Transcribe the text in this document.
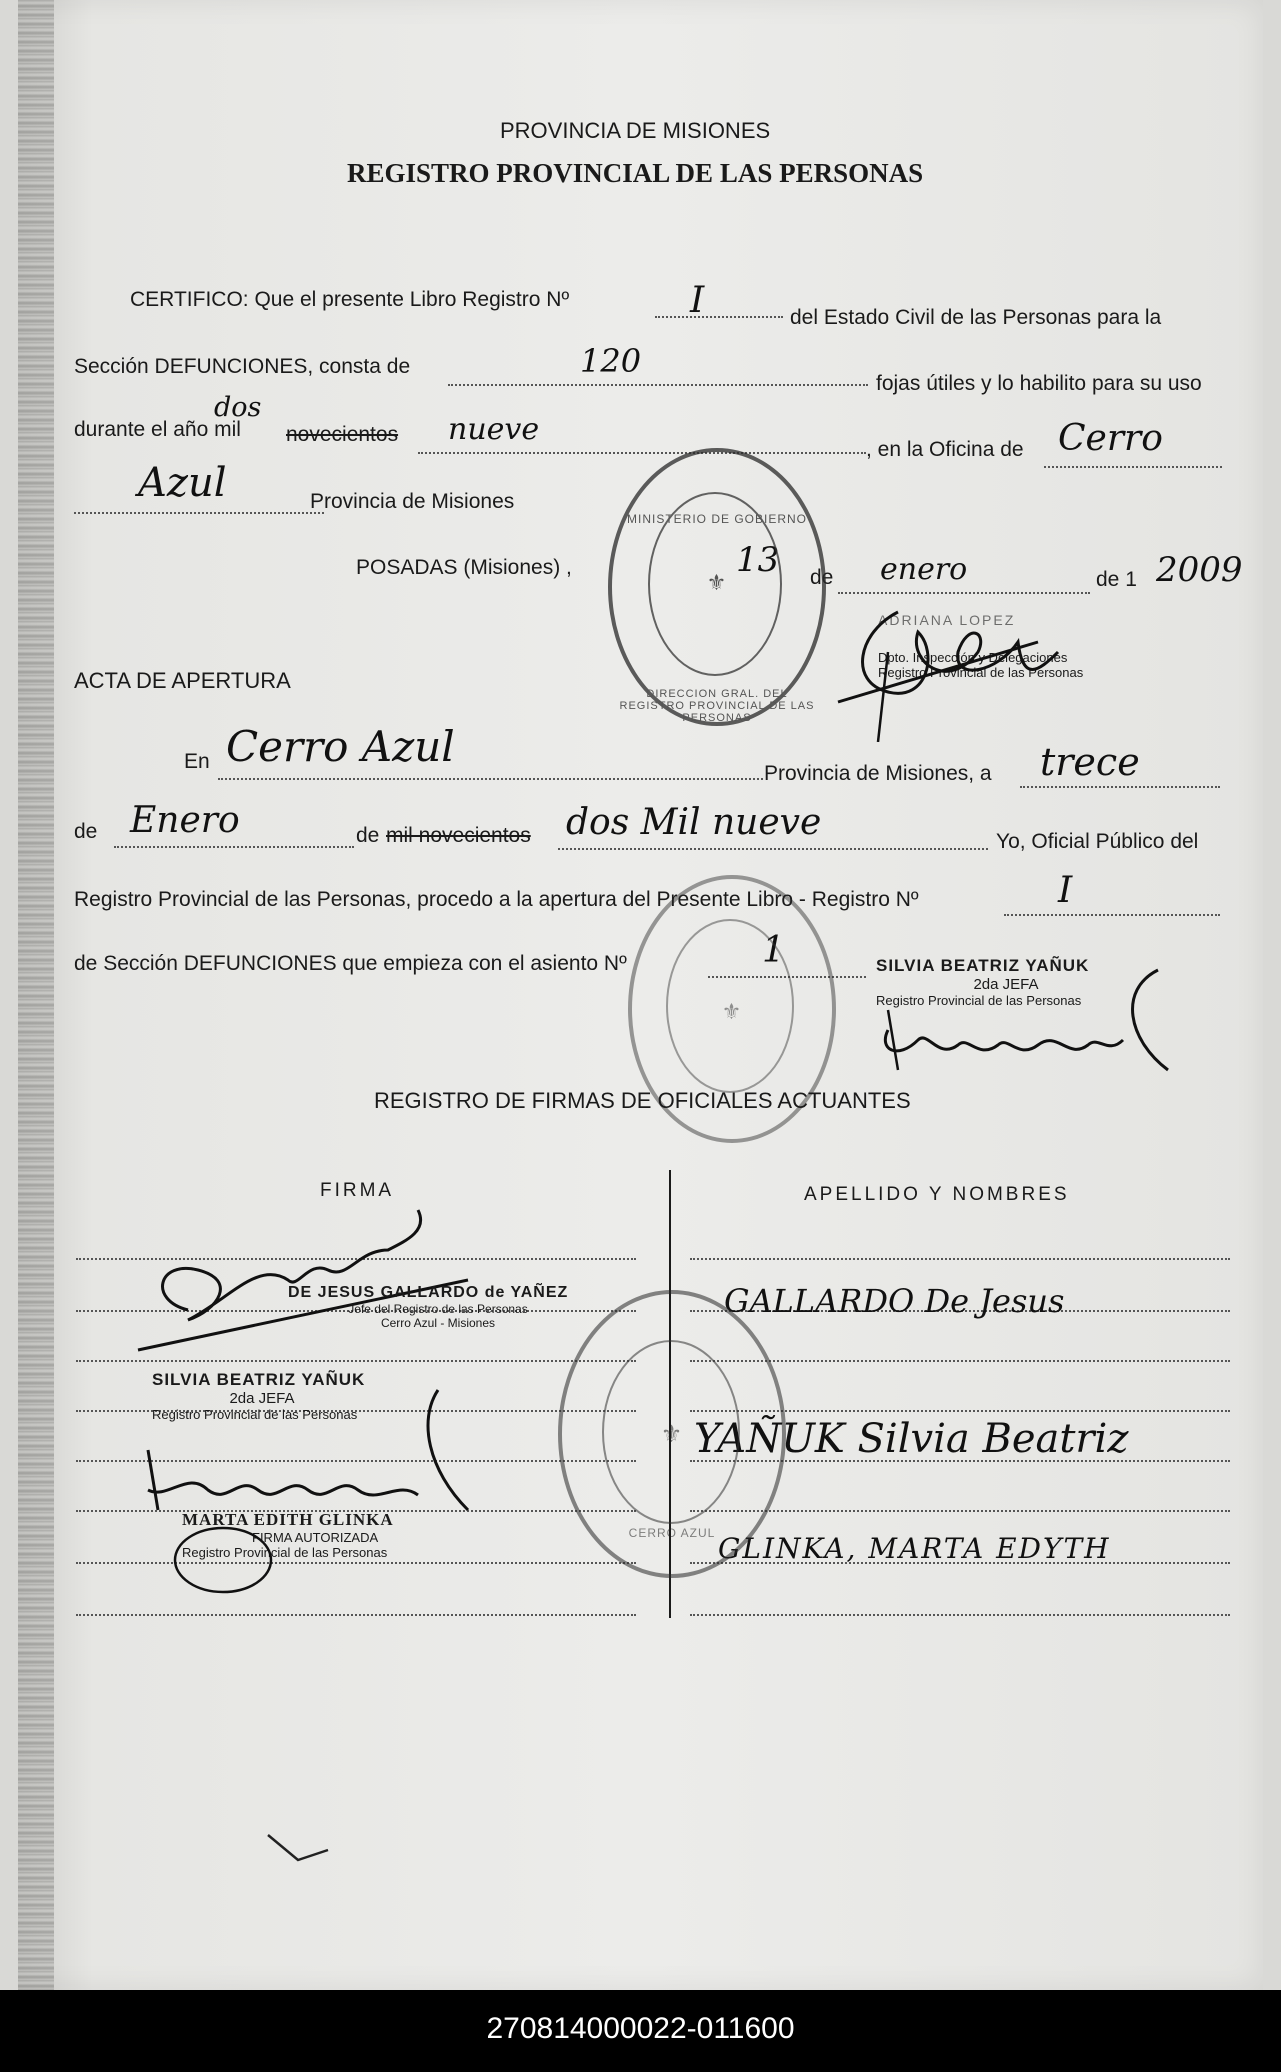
PROVINCIA DE MISIONES
REGISTRO PROVINCIAL DE LAS PERSONAS
CERTIFICO: Que el presente Libro Registro Nº	I	del Estado Civil de las Personas para la
Sección DEFUNCIONES, consta de	120
fojas útiles y lo habilito para su uso
dos
durante el año mil novecientos nueve
, en la Oficina de Cerro
Azul	Provincia de Misiones
POSADAS (Misiones) ,	13 de enero	de 1 2009
ADRIANA LOPEZ
Dpto. Inspección y Delegaciones
Registro Provincial de las Personas
MINISTERIO DE GOBIERNO
⚜
DIRECCION GRAL. DEL REGISTRO PROVINCIAL DE LAS PERSONAS
ACTA DE APERTURA
En Cerro Azul
Provincia de Misiones, a trece
de Enero	de mil novecientos dos Mil nueve	Yo, Oficial Público del
Registro Provincial de las Personas, procedo a la apertura del Presente Libro - Registro Nº	I
de Sección DEFUNCIONES que empieza con el asiento Nº	1	SILVIA BEATRIZ YAÑUK
2da JEFA
Registro Provincial de las Personas
⚜
REGISTRO DE FIRMAS DE OFICIALES ACTUANTES
FIRMA	APELLIDO Y NOMBRES
DE JESUS GALLARDO de YAÑEZ
Jefe del Registro de las Personas
Cerro Azul - Misiones
GALLARDO De Jesus
SILVIA BEATRIZ YAÑUK
2da JEFA
Registro Provincial de las Personas
YAÑUK Silvia Beatriz
MARTA EDITH GLINKA
FIRMA AUTORIZADA
Registro Provincial de las Personas	GLINKA, MARTA EDYTH
⚜
CERRO AZUL
270814000022-011600
